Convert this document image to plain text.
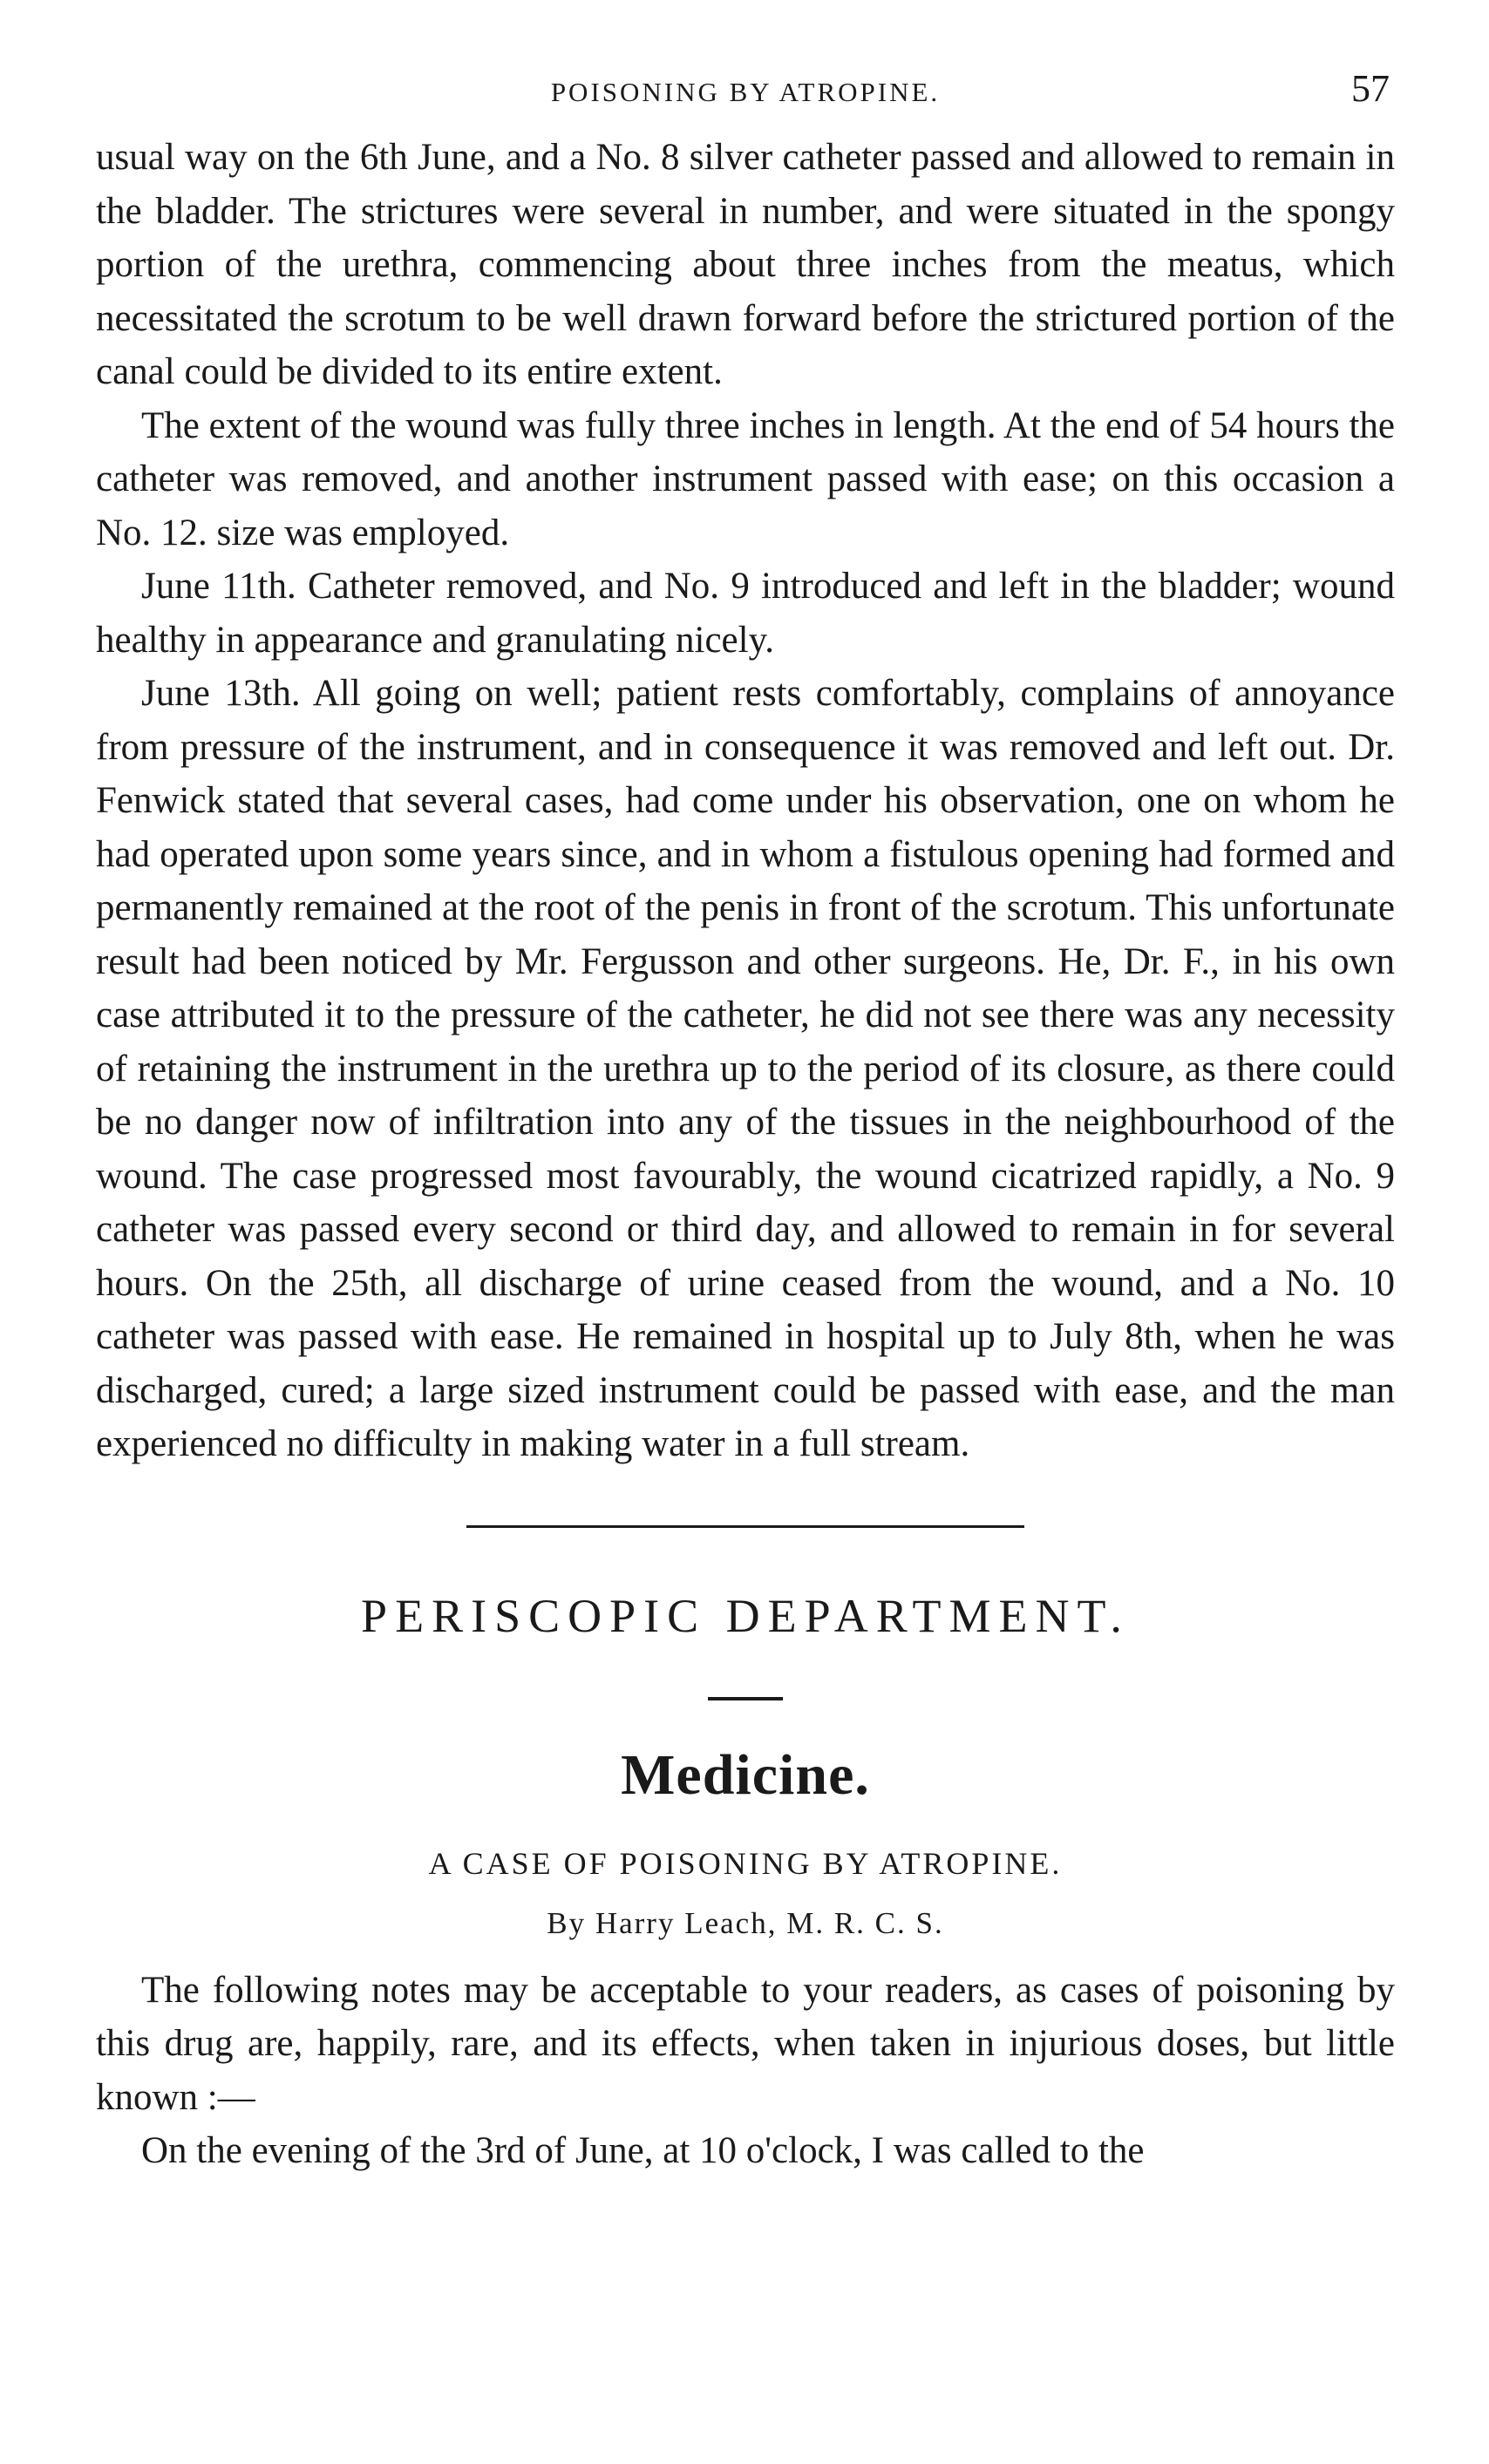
POISONING BY ATROPINE.	57

usual way on the 6th June, and a No. 8 silver catheter passed and allowed to remain in the bladder. The strictures were several in number, and were situated in the spongy portion of the urethra, commencing about three inches from the meatus, which necessitated the scrotum to be well drawn forward before the strictured portion of the canal could be divided to its entire extent.

The extent of the wound was fully three inches in length. At the end of 54 hours the catheter was removed, and another instrument passed with ease; on this occasion a No. 12. size was employed.

June 11th. Catheter removed, and No. 9 introduced and left in the bladder; wound healthy in appearance and granulating nicely.

June 13th. All going on well; patient rests comfortably, complains of annoyance from pressure of the instrument, and in consequence it was removed and left out. Dr. Fenwick stated that several cases, had come under his observation, one on whom he had operated upon some years since, and in whom a fistulous opening had formed and permanently remained at the root of the penis in front of the scrotum. This unfortunate result had been noticed by Mr. Fergusson and other surgeons. He, Dr. F., in his own case attributed it to the pressure of the catheter, he did not see there was any necessity of retaining the instrument in the urethra up to the period of its closure, as there could be no danger now of infiltration into any of the tissues in the neighbourhood of the wound. The case progressed most favourably, the wound cicatrized rapidly, a No. 9 catheter was passed every second or third day, and allowed to remain in for several hours. On the 25th, all discharge of urine ceased from the wound, and a No. 10 catheter was passed with ease. He remained in hospital up to July 8th, when he was discharged, cured; a large sized instrument could be passed with ease, and the man experienced no difficulty in making water in a full stream.

PERISCOPIC DEPARTMENT.
Medicine.
A CASE OF POISONING BY ATROPINE.
By Harry Leach, M. R. C. S.

The following notes may be acceptable to your readers, as cases of poisoning by this drug are, happily, rare, and its effects, when taken in injurious doses, but little known :—

On the evening of the 3rd of June, at 10 o'clock, I was called to the
